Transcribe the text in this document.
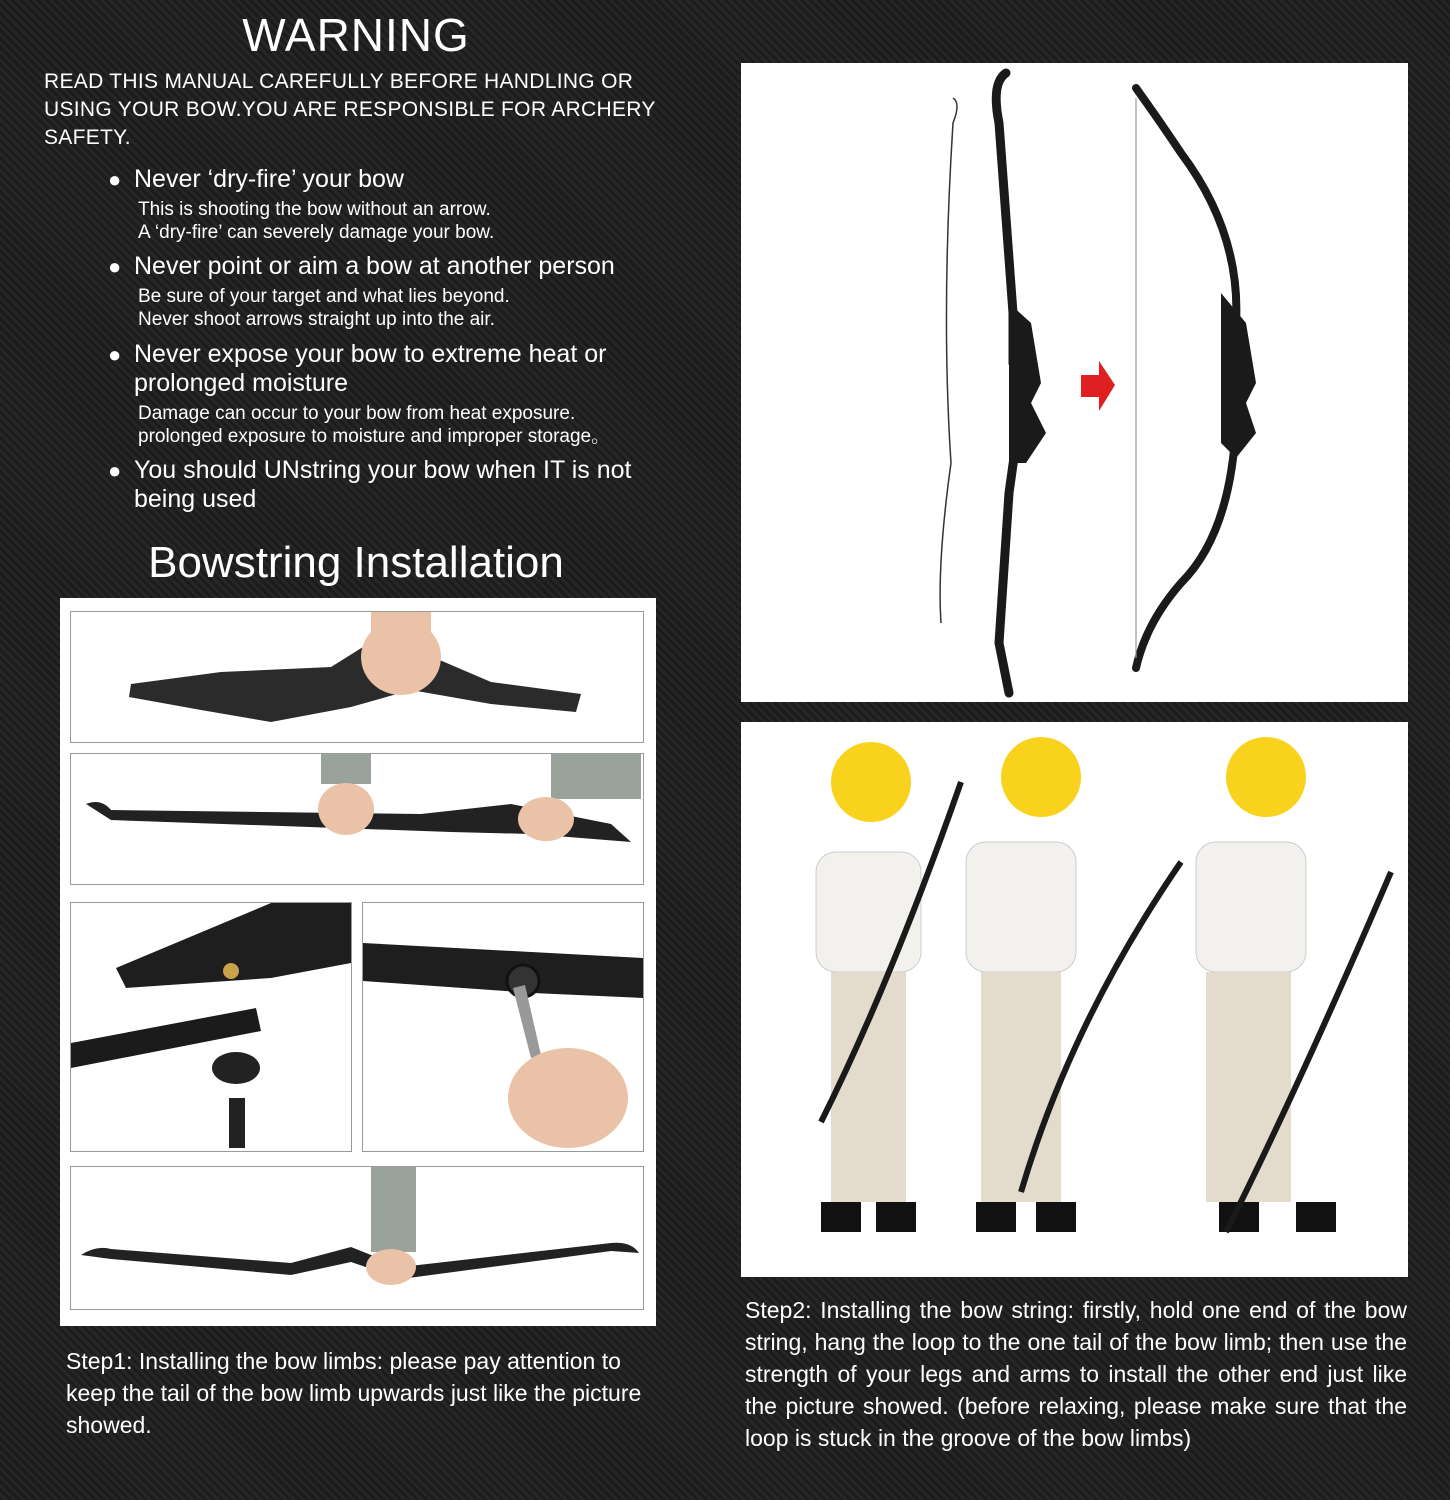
WARNING
READ THIS MANUAL CAREFULLY BEFORE HANDLING OR USING YOUR BOW.YOU ARE RESPONSIBLE FOR ARCHERY SAFETY.
● Never ‘dry-fire’ your bow
This is shooting the bow without an arrow.
A ‘dry-fire’ can severely damage your bow.
● Never point or aim a bow at another person
Be sure of your target and what lies beyond.
Never shoot arrows straight up into the air.
● Never expose your bow to extreme heat or prolonged moisture
Damage can occur to your bow from heat exposure.
prolonged exposure to moisture and improper storage。
● You should UNstring your bow when IT is not being used
Bowstring Installation
Step1: Installing the bow limbs: please pay attention to keep the tail of the bow limb upwards just like the picture showed.
Step2: Installing the bow string: firstly, hold one end of the bow string, hang the loop to the one tail of the bow limb; then use the strength of your legs and arms to install the other end just like the picture showed. (before relaxing, please make sure that the loop is stuck in the groove of the bow limbs)
